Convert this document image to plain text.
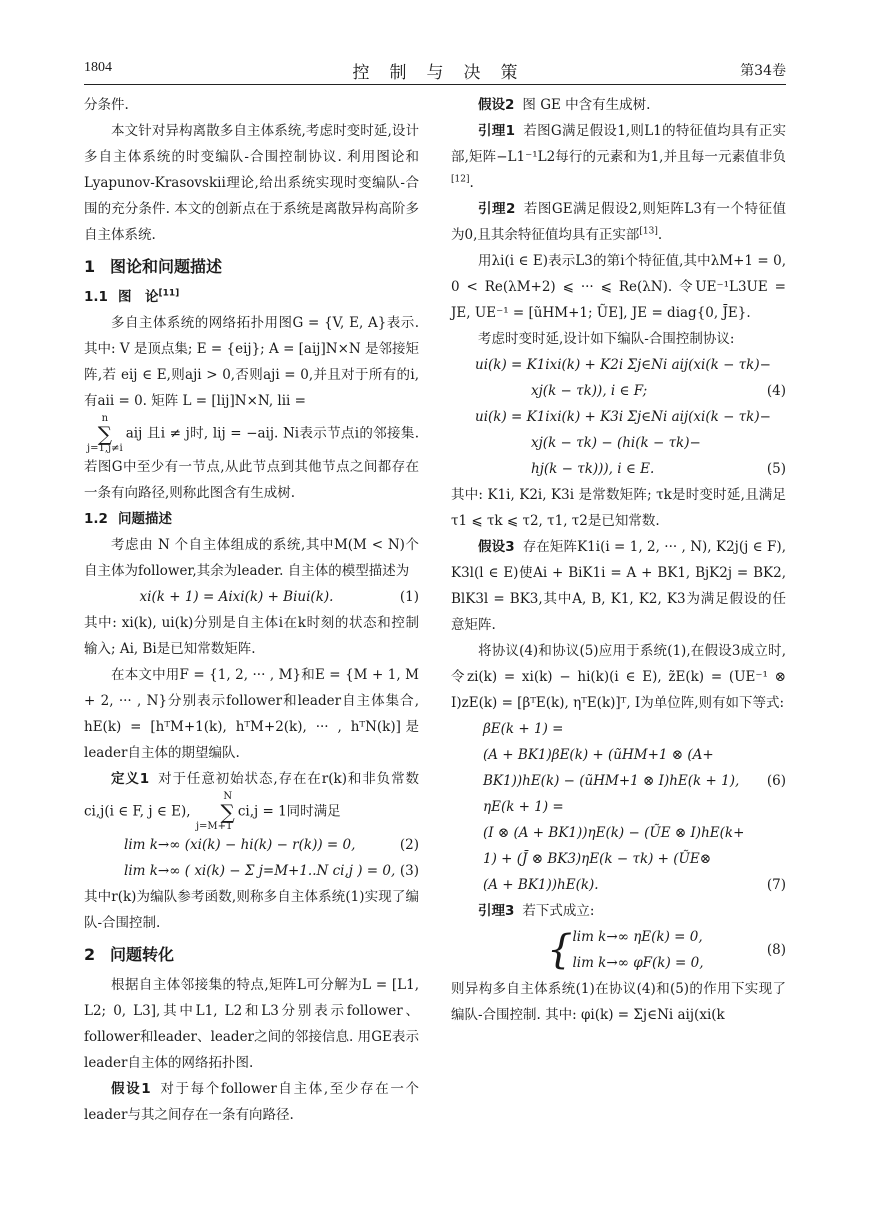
1804	控制与决策	第34卷

分条件.

本文针对异构离散多自主体系统,考虑时变时延,设计多自主体系统的时变编队-合围控制协议. 利用图论和Lyapunov-Krasovskii理论,给出系统实现时变编队-合围的充分条件. 本文的创新点在于系统是离散异构高阶多自主体系统.

1 图论和问题描述
1.1 图　论[11]

多自主体系统的网络拓扑用图G = {V, E, A}表示. 其中: V 是顶点集; E = {eij}; A = [aij]N×N 是邻接矩阵,若 eij ∈ E,则aji > 0,否则aji = 0,并且对于所有的i,有aii = 0. 矩阵 L = [lij]N×N, lii =

n
∑
j=1,j≠iaij 且i ≠ j时, lij = −aij. Ni表示节点i的邻接集. 若图G中至少有一节点,从此节点到其他节点之间都存在一条有向路径,则称此图含有生成树.

1.2 问题描述

考虑由 N 个自主体组成的系统,其中M(M < N)个自主体为follower,其余为leader. 自主体的模型描述为

xi(k + 1) = Aixi(k) + Biui(k).	(1)

其中: xi(k), ui(k)分别是自主体i在k时刻的状态和控制输入; Ai, Bi是已知常数矩阵.

在本文中用F = {1, 2, ··· , M}和E = {M + 1, M + 2, ··· , N}分别表示follower和leader自主体集合, hE(k) = [hᵀM+1(k), hᵀM+2(k), ··· , hᵀN(k)]是leader自主体的期望编队.

定义1 对于任意初始状态,存在在r(k)和非负常数ci,j(i ∈ F, j ∈ E),N
∑
j=M+1ci,j = 1同时满足

lim k→∞ (xi(k) − hi(k) − r(k)) = 0,	(2)
lim k→∞ ( xi(k) − Σ j=M+1..N ci,j ) = 0, (3)

其中r(k)为编队参考函数,则称多自主体系统(1)实现了编队-合围控制.

2 问题转化

根据自主体邻接集的特点,矩阵L可分解为L = [L1, L2; 0, L3],其中L1, L2和L3分别表示follower、follower和leader、leader之间的邻接信息. 用GE表示leader自主体的网络拓扑图.

假设1 对于每个follower自主体,至少存在一个leader与其之间存在一条有向路径.

假设2 图 GE 中含有生成树.

引理1 若图G满足假设1,则L1的特征值均具有正实部,矩阵−L1⁻¹L2每行的元素和为1,并且每一元素值非负[12].

引理2 若图GE满足假设2,则矩阵L3有一个特征值为0,且其余特征值均具有正实部[13].

用λi(i ∈ E)表示L3的第i个特征值,其中λM+1 = 0, 0 < Re(λM+2) ⩽ ··· ⩽ Re(λN). 令UE⁻¹L3UE = JE, UE⁻¹ = [ũHM+1; ŨE], JE = diag{0, J̄E}.

考虑时变时延,设计如下编队-合围控制协议:

ui(k) = K1ixi(k) + K2i Σj∈Ni aij(xi(k − τk)−
xj(k − τk)), i ∈ F;	(4)
ui(k) = K1ixi(k) + K3i Σj∈Ni aij(xi(k − τk)−
xj(k − τk) − (hi(k − τk)−
hj(k − τk))), i ∈ E.	(5)

其中: K1i, K2i, K3i 是常数矩阵; τk是时变时延,且满足τ1 ⩽ τk ⩽ τ2, τ1, τ2是已知常数.

假设3 存在矩阵K1i(i = 1, 2, ··· , N), K2j(j ∈ F), K3l(l ∈ E)使Ai + BiK1i = A + BK1, BjK2j = BK2, BlK3l = BK3,其中A, B, K1, K2, K3为满足假设的任意矩阵.

将协议(4)和协议(5)应用于系统(1),在假设3成立时,令zi(k) = xi(k) − hi(k)(i ∈ E), z̃E(k) = (UE⁻¹ ⊗ I)zE(k) = [βᵀE(k), ηᵀE(k)]ᵀ, I为单位阵,则有如下等式:

βE(k + 1) =
(A + BK1)βE(k) + (ũHM+1 ⊗ (A+
BK1))hE(k) − (ũHM+1 ⊗ I)hE(k + 1), (6)
ηE(k + 1) =
(I ⊗ (A + BK1))ηE(k) − (ŨE ⊗ I)hE(k+
1) + (J̄ ⊗ BK3)ηE(k − τk) + (ŨE⊗
(A + BK1))hE(k).	(7)

引理3 若下式成立:

{ lim k→∞ ηE(k) = 0,
lim k→∞ φF(k) = 0,
(8)

则异构多自主体系统(1)在协议(4)和(5)的作用下实现了编队-合围控制. 其中: φi(k) = Σj∈Ni aij(xi(k
